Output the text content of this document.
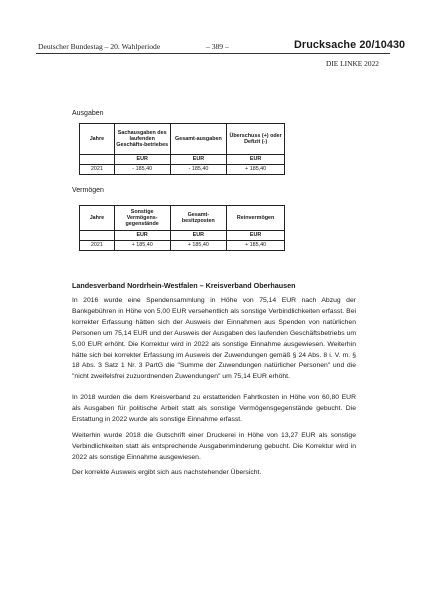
Deutscher Bundestag – 20. Wahlperiode	– 389 –	Drucksache 20/10430
DIE LINKE 2022
Ausgaben
Jahre	Sachausgaben des laufenden Geschäfts-betriebes	Gesamt-ausgaben	Überschuss (+) oder Defizit (-)
	EUR	EUR	EUR
2021	- 185,40	- 185,40	+ 185,40
Vermögen
Jahre	Sonstige Vermögens-gegenstände	Gesamt-besitzposten	Reinvermögen
	EUR	EUR	EUR
2021	+ 185,40	+ 185,40	+ 185,40
Landesverband Nordrhein-Westfalen – Kreisverband Oberhausen

In 2016 wurde eine Spendensammlung in Höhe von 75,14 EUR nach Abzug der Bankgebühren in Höhe von 5,00 EUR versehentlich als sonstige Verbindlichkeiten erfasst. Bei korrekter Erfassung hätten sich der Ausweis der Einnahmen aus Spenden von natürlichen Personen um 75,14 EUR und der Ausweis der Ausgaben des laufenden Geschäftsbetriebs um 5,00 EUR erhöht. Die Korrektur wird in 2022 als sonstige Einnahme ausgewiesen. Weiterhin hätte sich bei korrekter Erfassung im Ausweis der Zuwendungen gemäß § 24 Abs. 8 i. V. m. § 18 Abs. 3 Satz 1 Nr. 3 PartG die "Summe der Zuwendungen natürlicher Personen" und die "nicht zweifelsfrei zuzuordnenden Zuwendungen" um 75,14 EUR erhöht.

In 2018 wurden die dem Kreisverband zu erstattenden Fahrtkosten in Höhe von 60,80 EUR als Ausgaben für politische Arbeit statt als sonstige Vermögensgegenstände gebucht. Die Erstattung in 2022 wurde als sonstige Einnahme erfasst.

Weiterhin wurde 2018 die Gutschrift einer Druckerei in Höhe von 13,27 EUR als sonstige Verbindlichkeiten statt als entsprechende Ausgabenminderung gebucht. Die Korrektur wird in 2022 als sonstige Einnahme ausgewiesen.

Der korrekte Ausweis ergibt sich aus nachstehender Übersicht.
